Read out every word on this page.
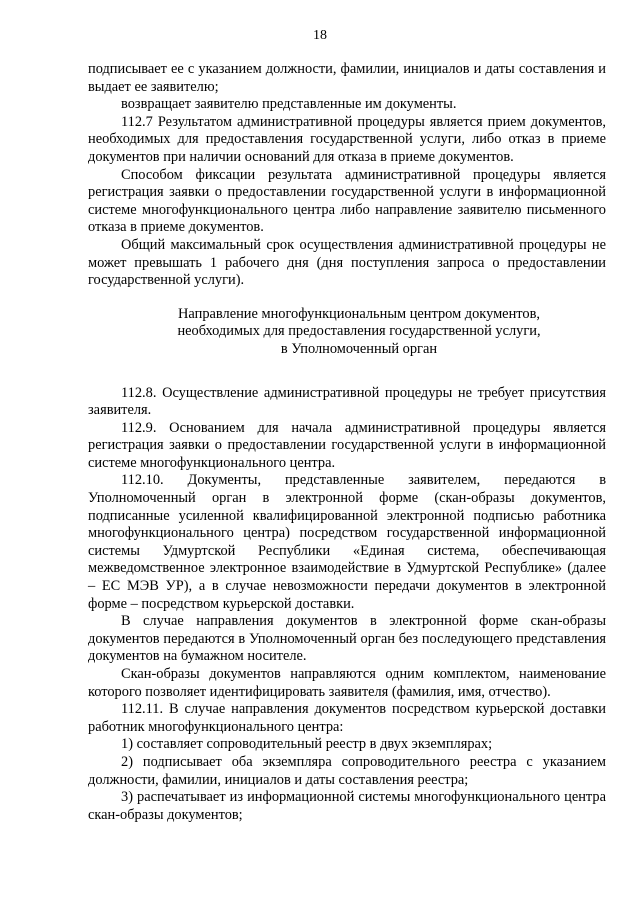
18

подписывает ее с указанием должности, фамилии, инициалов и даты составления и выдает ее заявителю;

возвращает заявителю представленные им документы.

112.7 Результатом административной процедуры является прием документов, необходимых для предоставления государственной услуги, либо отказ в приеме документов при наличии оснований для отказа в приеме документов.

Способом фиксации результата административной процедуры является регистрация заявки о предоставлении государственной услуги в информационной системе многофункционального центра либо направление заявителю письменного отказа в приеме документов.

Общий максимальный срок осуществления административной процедуры не может превышать 1 рабочего дня (дня поступления запроса о предоставлении государственной услуги).

Направление многофункциональным центром документов,

необходимых для предоставления государственной услуги,

в Уполномоченный орган

112.8. Осуществление административной процедуры не требует присутствия заявителя.

112.9. Основанием для начала административной процедуры является регистрация заявки о предоставлении государственной услуги в информационной системе многофункционального центра.

112.10. Документы, представленные заявителем, передаются в Уполномоченный орган в электронной форме (скан-образы документов, подписанные усиленной квалифицированной электронной подписью работника многофункционального центра) посредством государственной информационной системы Удмуртской Республики «Единая система, обеспечивающая межведомственное электронное взаимодействие в Удмуртской Республике» (далее – ЕС МЭВ УР), а в случае невозможности передачи документов в электронной форме – посредством курьерской доставки.

В случае направления документов в электронной форме скан-образы документов передаются в Уполномоченный орган без последующего представления документов на бумажном носителе.

Скан-образы документов направляются одним комплектом, наименование которого позволяет идентифицировать заявителя (фамилия, имя, отчество).

112.11. В случае направления документов посредством курьерской доставки работник многофункционального центра:

1) составляет сопроводительный реестр в двух экземплярах;

2) подписывает оба экземпляра сопроводительного реестра с указанием должности, фамилии, инициалов и даты составления реестра;

3) распечатывает из информационной системы многофункционального центра скан-образы документов;
